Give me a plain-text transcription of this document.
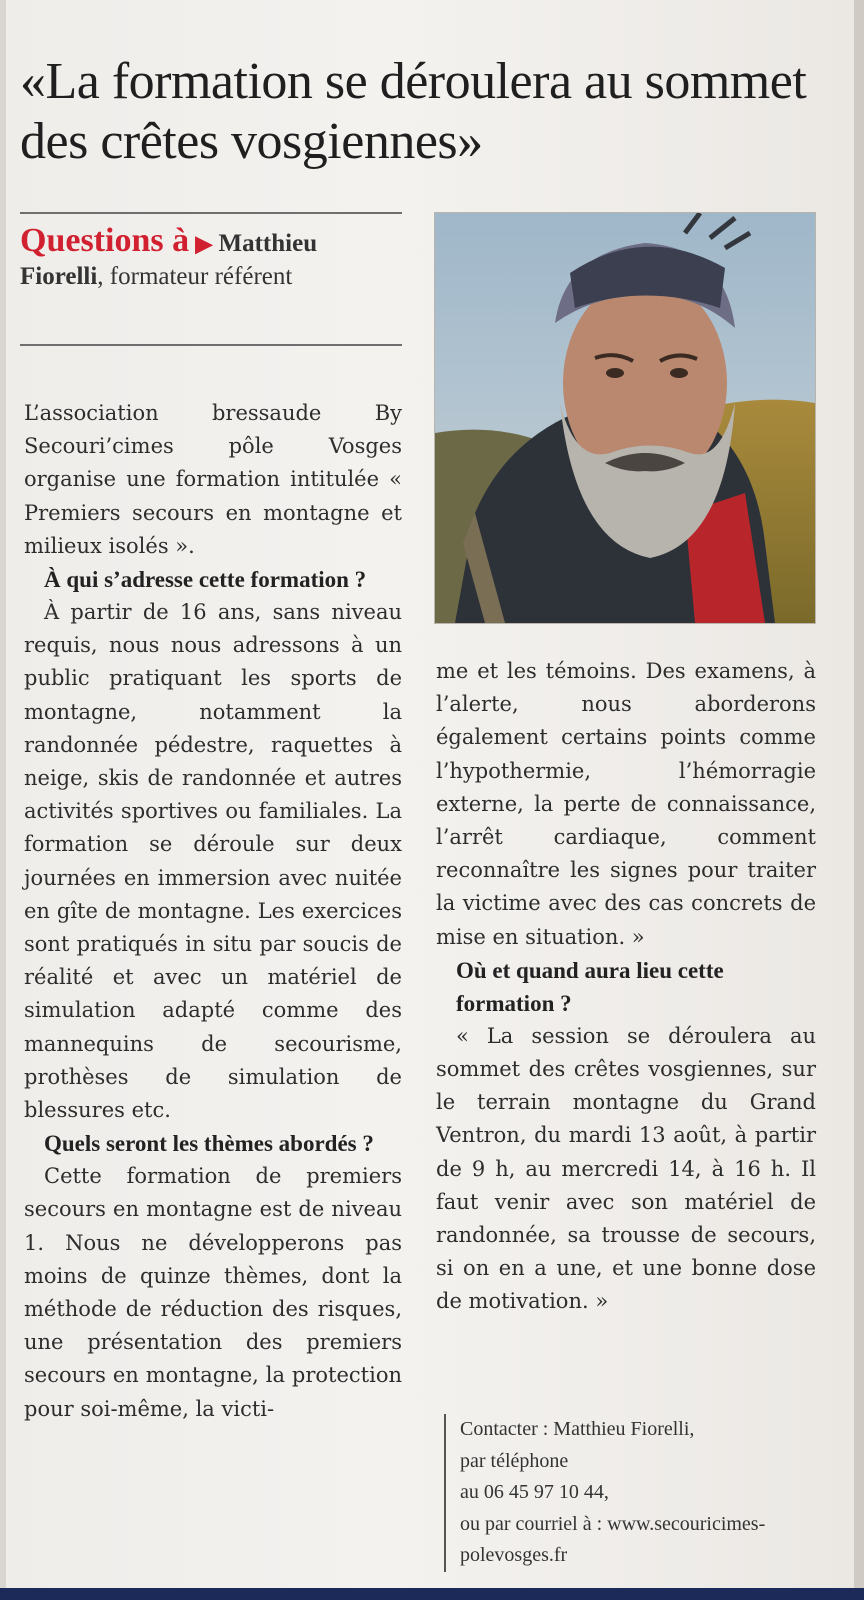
«La formation se déroulera au sommet des crêtes vosgiennes»
Questions à ▶ Matthieu Fiorelli, formateur référent

L’association bressaude By Secouri’cimes pôle Vosges organise une formation intitulée « Premiers secours en montagne et milieux isolés ».

À qui s’adresse cette formation ?

À partir de 16 ans, sans niveau requis, nous nous adressons à un public pratiquant les sports de montagne, notamment la randonnée pédestre, raquettes à neige, skis de randonnée et autres activités sportives ou familiales. La formation se déroule sur deux journées en immersion avec nuitée en gîte de montagne. Les exercices sont pratiqués in situ par soucis de réalité et avec un matériel de simulation adapté comme des mannequins de secourisme, prothèses de simulation de blessures etc.

Quels seront les thèmes abordés ?

Cette formation de premiers secours en montagne est de niveau 1. Nous ne développerons pas moins de quinze thèmes, dont la méthode de réduction des risques, une présentation des premiers secours en montagne, la protection pour soi-même, la victi-

me et les témoins. Des examens, à l’alerte, nous aborderons également certains points comme l’hypothermie, l’hémorragie externe, la perte de connaissance, l’arrêt cardiaque, comment reconnaître les signes pour traiter la victime avec des cas concrets de mise en situation. »

Où et quand aura lieu cette formation ?

« La session se déroulera au sommet des crêtes vosgiennes, sur le terrain montagne du Grand Ventron, du mardi 13 août, à partir de 9 h, au mercredi 14, à 16 h. Il faut venir avec son matériel de randonnée, sa trousse de secours, si on en a une, et une bonne dose de motivation. »

Contacter : Matthieu Fiorelli,
par téléphone
au 06 45 97 10 44,
ou par courriel à : www.secouricimes-polevosges.fr
